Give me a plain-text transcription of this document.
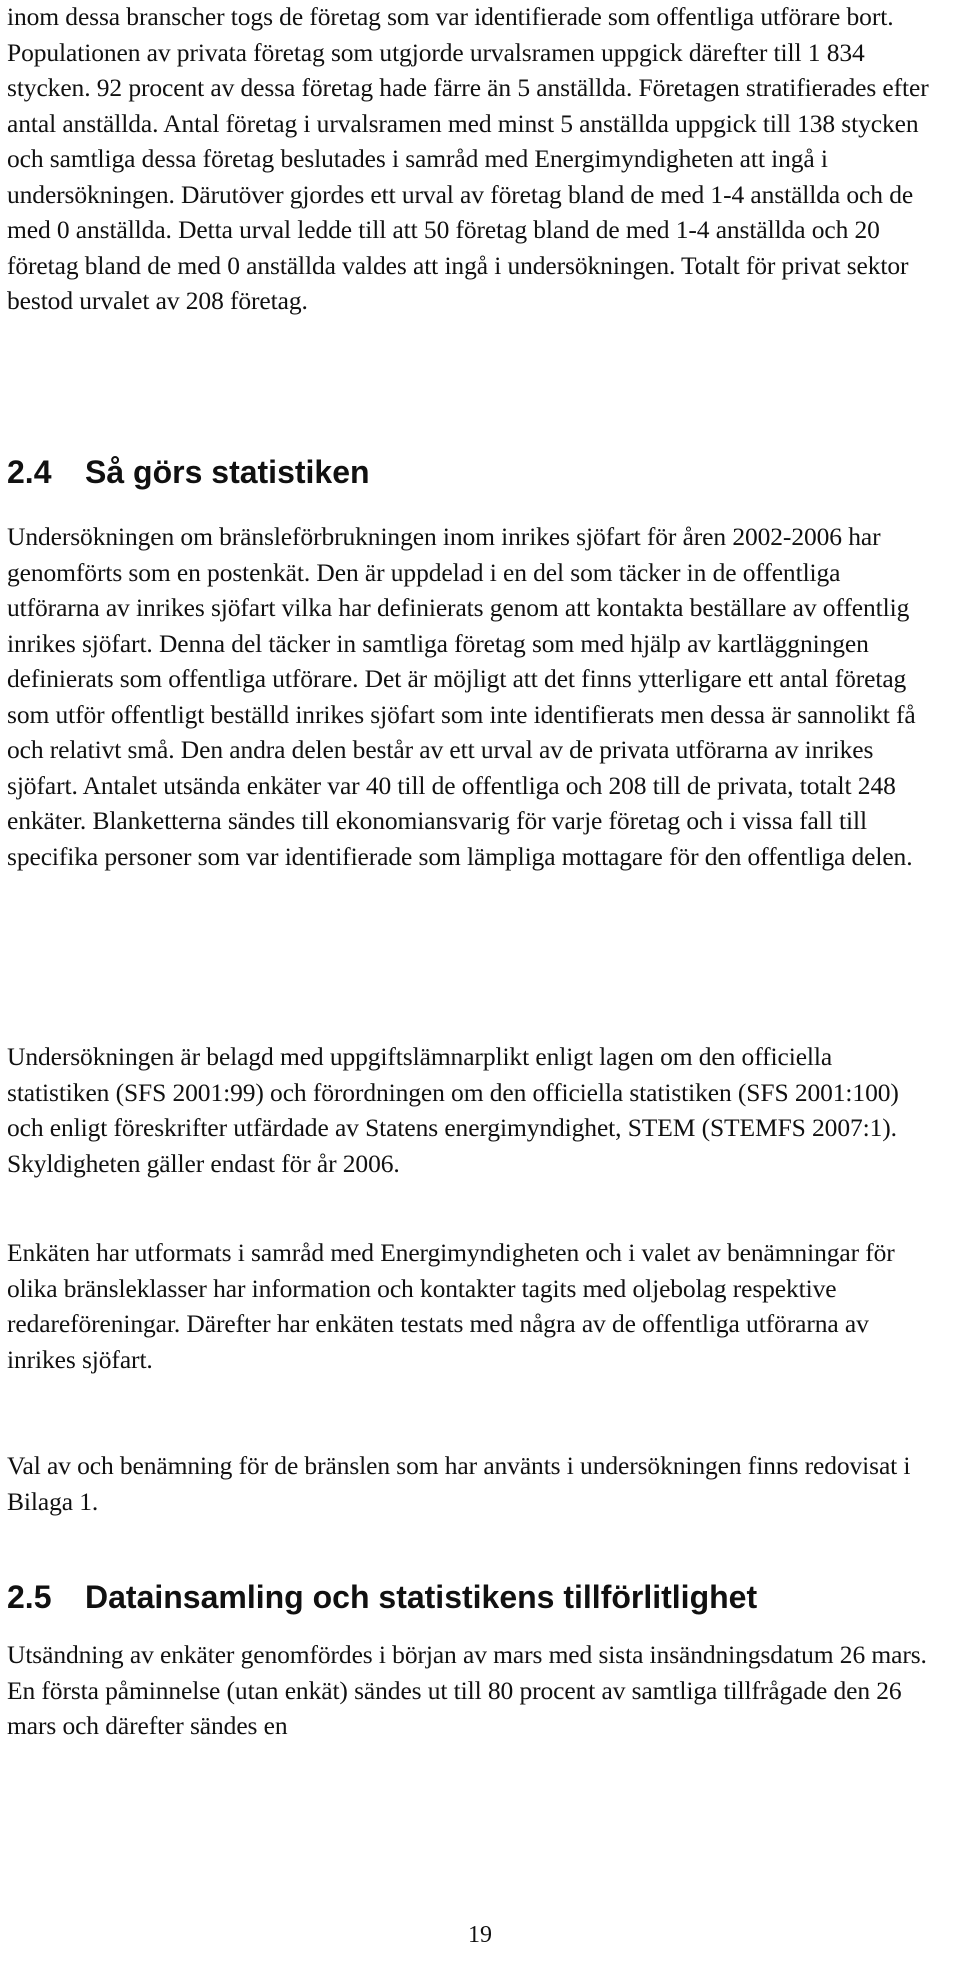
inom dessa branscher togs de företag som var identifierade som offentliga utförare bort. Populationen av privata företag som utgjorde urvalsramen uppgick därefter till 1 834 stycken. 92 procent av dessa företag hade färre än 5 anställda. Företagen stratifierades efter antal anställda. Antal företag i urvalsramen med minst 5 anställda uppgick till 138 stycken och samtliga dessa företag beslutades i samråd med Energimyndigheten att ingå i undersökningen. Därutöver gjordes ett urval av företag bland de med 1-4 anställda och de med 0 anställda. Detta urval ledde till att 50 företag bland de med 1-4 anställda och 20 företag bland de med 0 anställda valdes att ingå i undersökningen. Totalt för privat sektor bestod urvalet av 208 företag.

2.4 Så görs statistiken

Undersökningen om bränsleförbrukningen inom inrikes sjöfart för åren 2002-2006 har genomförts som en postenkät. Den är uppdelad i en del som täcker in de offentliga utförarna av inrikes sjöfart vilka har definierats genom att kontakta beställare av offentlig inrikes sjöfart. Denna del täcker in samtliga företag som med hjälp av kartläggningen definierats som offentliga utförare. Det är möjligt att det finns ytterligare ett antal företag som utför offentligt beställd inrikes sjöfart som inte identifierats men dessa är sannolikt få och relativt små. Den andra delen består av ett urval av de privata utförarna av inrikes sjöfart. Antalet utsända enkäter var 40 till de offentliga och 208 till de privata, totalt 248 enkäter. Blanketterna sändes till ekonomiansvarig för varje företag och i vissa fall till specifika personer som var identifierade som lämpliga mottagare för den offentliga delen.

Undersökningen är belagd med uppgiftslämnarplikt enligt lagen om den officiella statistiken (SFS 2001:99) och förordningen om den officiella statistiken (SFS 2001:100) och enligt föreskrifter utfärdade av Statens energimyndighet, STEM (STEMFS 2007:1). Skyldigheten gäller endast för år 2006.

Enkäten har utformats i samråd med Energimyndigheten och i valet av benämningar för olika bränsleklasser har information och kontakter tagits med oljebolag respektive redareföreningar. Därefter har enkäten testats med några av de offentliga utförarna av inrikes sjöfart.

Val av och benämning för de bränslen som har använts i undersökningen finns redovisat i Bilaga 1.

2.5 Datainsamling och statistikens tillförlitlighet

Utsändning av enkäter genomfördes i början av mars med sista insändningsdatum 26 mars. En första påminnelse (utan enkät) sändes ut till 80 procent av samtliga tillfrågade den 26 mars och därefter sändes en

19
